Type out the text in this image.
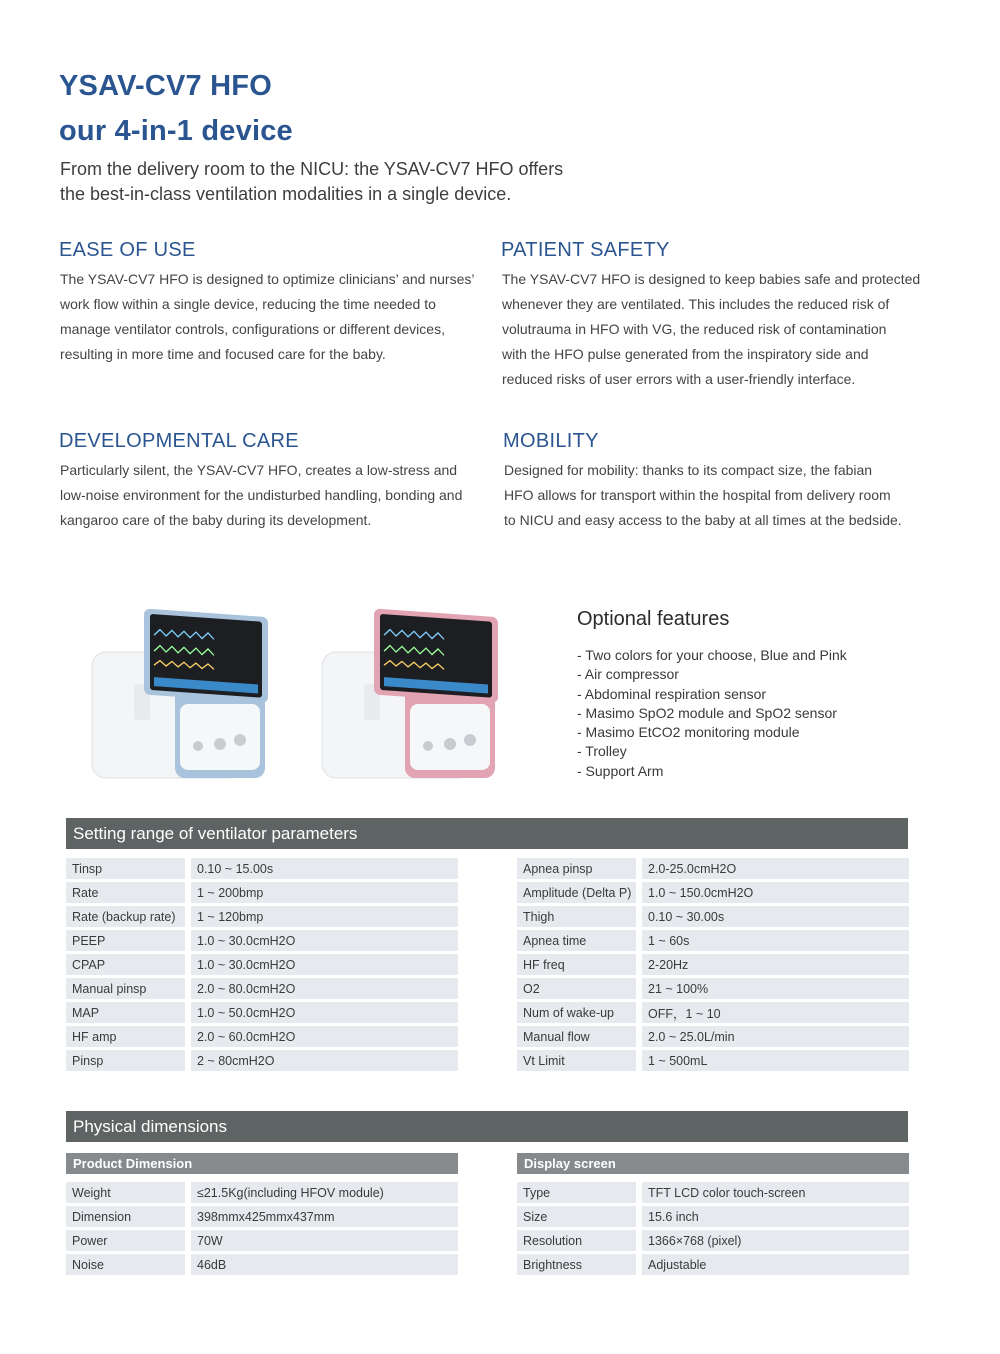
YSAV-CV7 HFO
our 4-in-1 device
From the delivery room to the NICU: the YSAV-CV7 HFO offers
the best-in-class ventilation modalities in a single device.
EASE OF USE
The YSAV-CV7 HFO is designed to optimize clinicians’ and nurses’
work flow within a single device, reducing the time needed to
manage ventilator controls, configurations or different devices,
resulting in more time and focused care for the baby.
PATIENT SAFETY
The YSAV-CV7 HFO is designed to keep babies safe and protected
whenever they are ventilated. This includes the reduced risk of
volutrauma in HFO with VG, the reduced risk of contamination
with the HFO pulse generated from the inspiratory side and
reduced risks of user errors with a user-friendly interface.
DEVELOPMENTAL CARE
Particularly silent, the YSAV-CV7 HFO, creates a low-stress and
low-noise environment for the undisturbed handling, bonding and
kangaroo care of the baby during its development.
MOBILITY
Designed for mobility: thanks to its compact size, the fabian
HFO allows for transport within the hospital from delivery room
to NICU and easy access to the baby at all times at the bedside.
Optional features
- Two colors for your choose, Blue and Pink
- Air compressor
- Abdominal respiration sensor
- Masimo SpO2 module and SpO2 sensor
- Masimo EtCO2 monitoring module
- Trolley
- Support Arm
Setting range of ventilator parameters
Tinsp	0.10 ~ 15.00s
Rate	1 ~ 200bmp
Rate (backup rate)	1 ~ 120bmp
PEEP	1.0 ~ 30.0cmH2O
CPAP	1.0 ~ 30.0cmH2O
Manual pinsp	2.0 ~ 80.0cmH2O
MAP	1.0 ~ 50.0cmH2O
HF amp	2.0 ~ 60.0cmH2O
Pinsp	2 ~ 80cmH2O
Apnea pinsp	2.0-25.0cmH2O
Amplitude (Delta P)	1.0 ~ 150.0cmH2O
Thigh	0.10 ~ 30.00s
Apnea time	1 ~ 60s
HF freq	2-20Hz
O2	21 ~ 100%
Num of wake-up	OFF，1 ~ 10
Manual flow	2.0 ~ 25.0L/min
Vt Limit	1 ~ 500mL
Physical dimensions
Product Dimension	Display screen
Weight	≤21.5Kg(including HFOV module)
Dimension	398mmx425mmx437mm
Power	70W
Noise	46dB
Type	TFT LCD color touch-screen
Size	15.6 inch
Resolution	1366×768 (pixel)
Brightness	Adjustable
